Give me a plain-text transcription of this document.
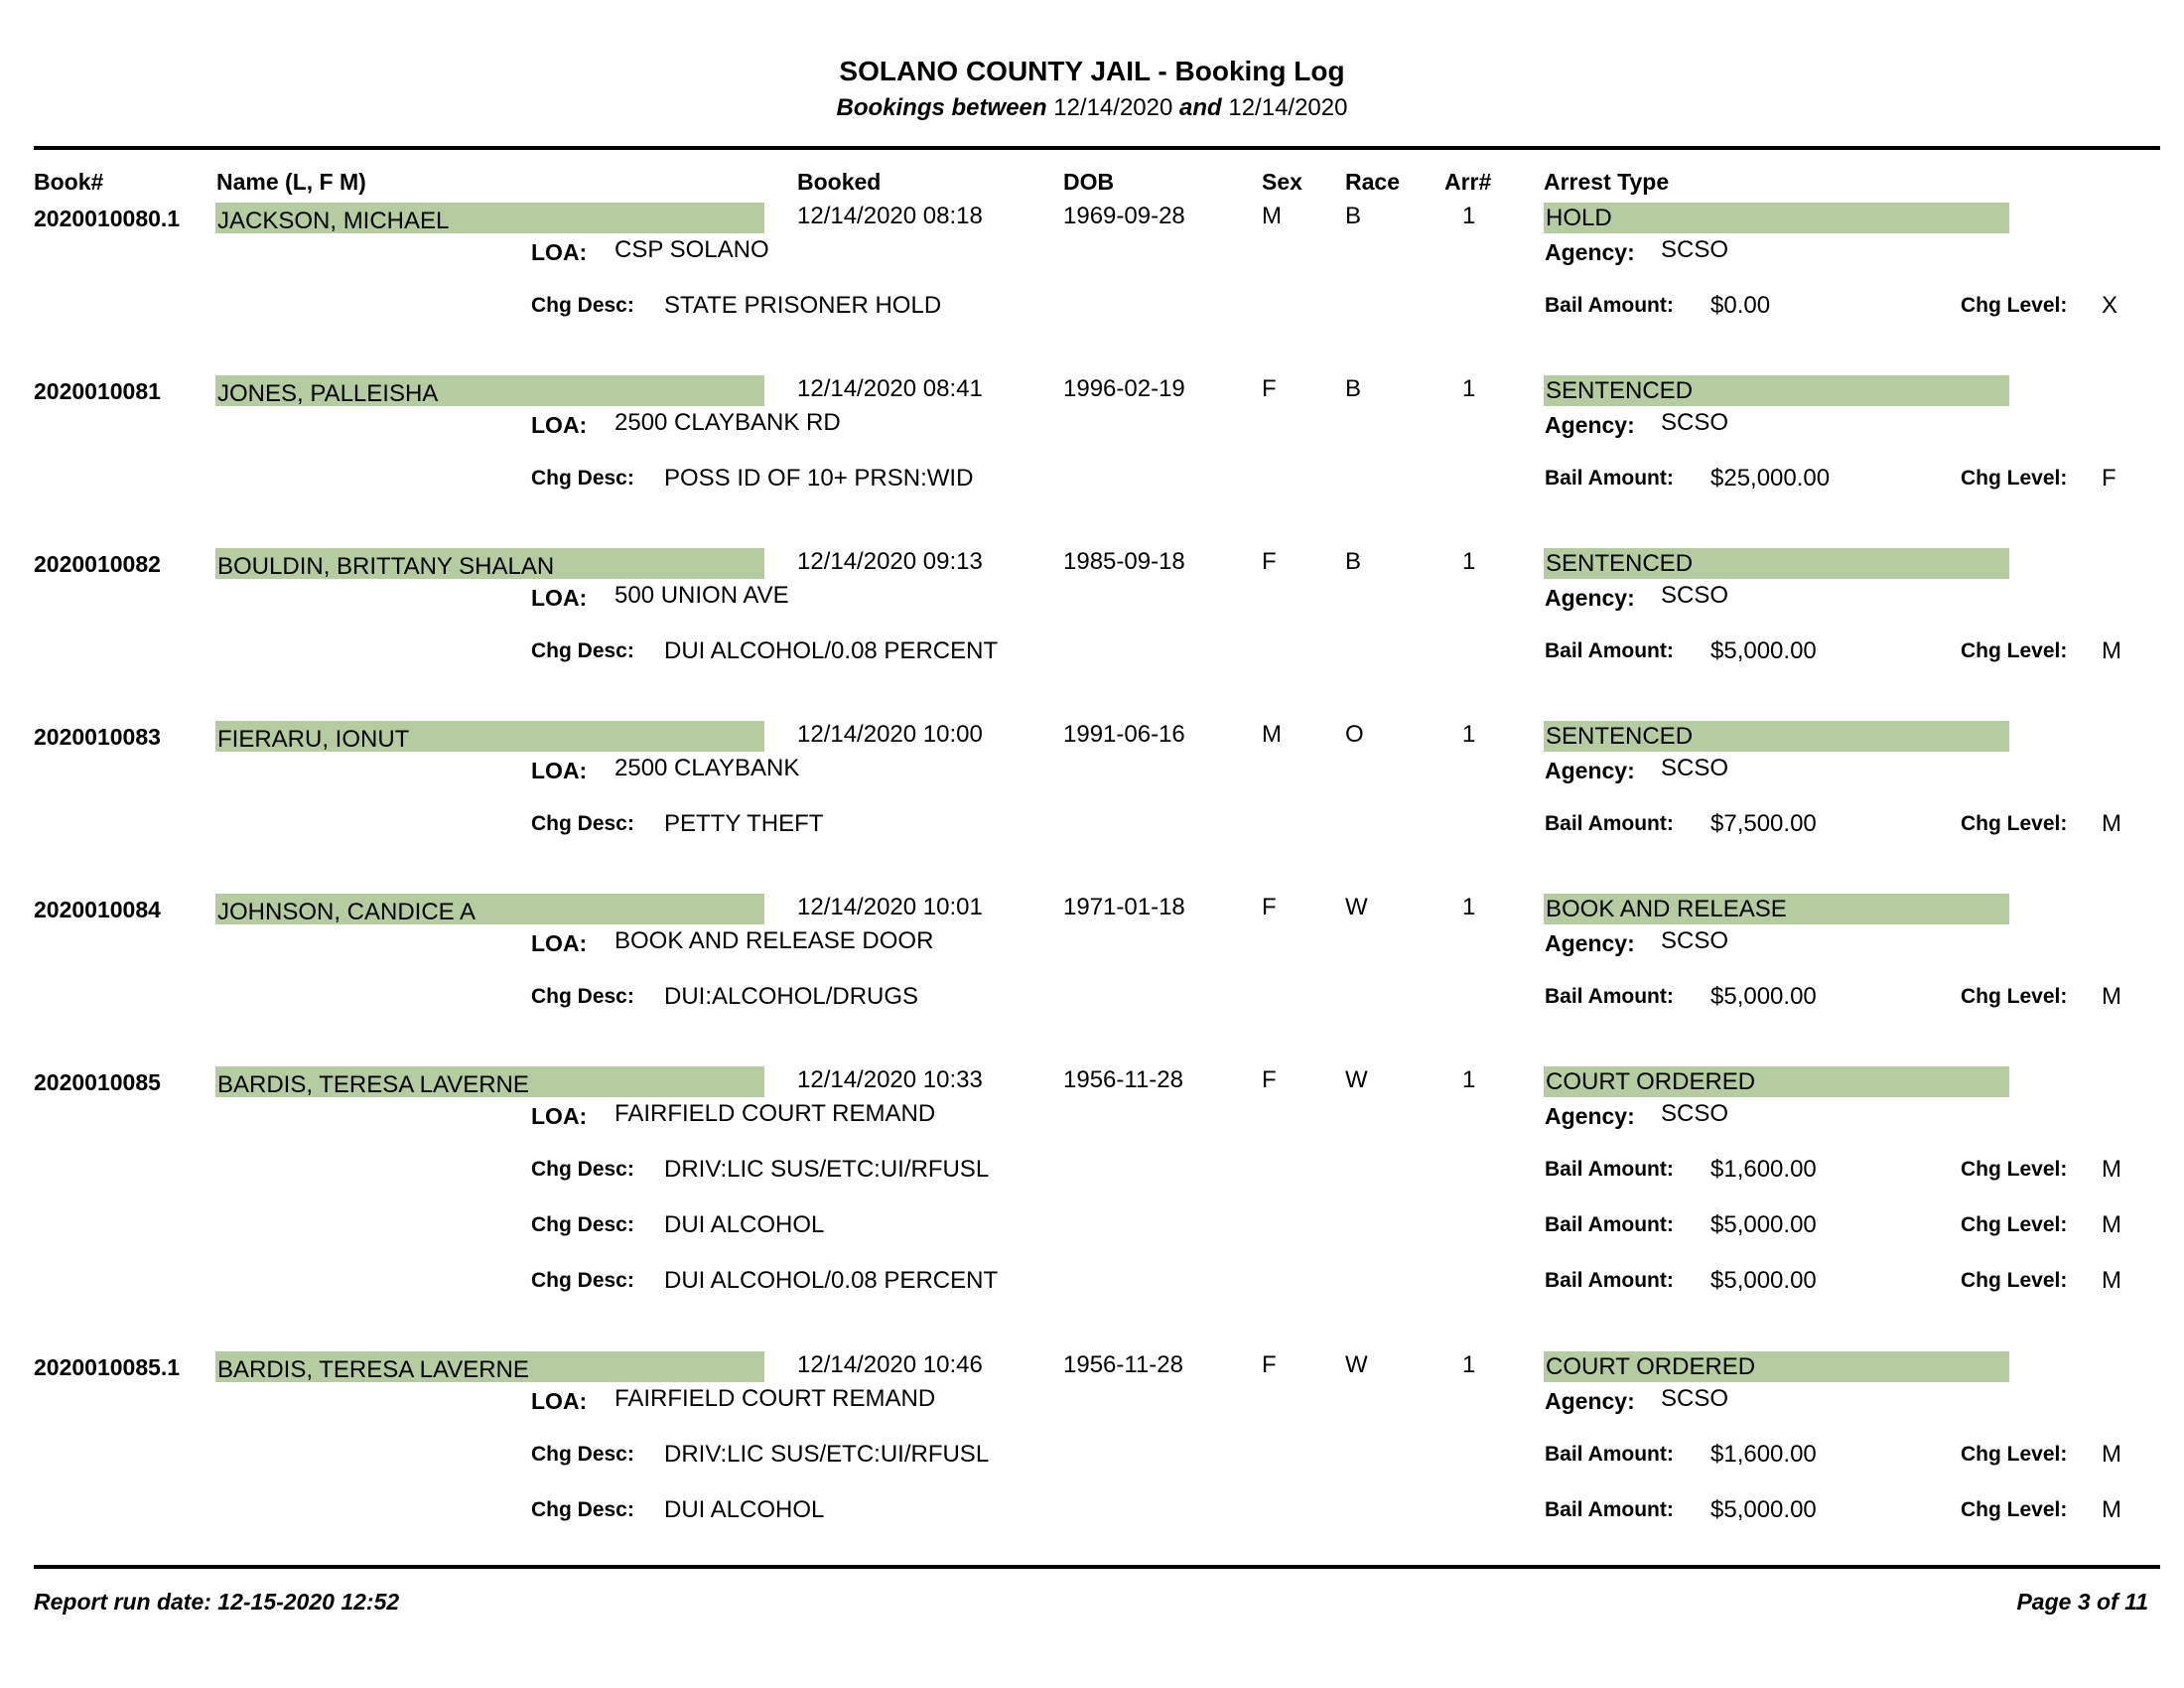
SOLANO COUNTY JAIL - Booking Log
Bookings between 12/14/2020 and 12/14/2020
Book#	Name (L, F M)	Booked	DOB	Sex Race Arr# Arrest Type
2020010080.1 JACKSON, MICHAEL	12/14/2020 08:18	1969-09-28	M	B	1	HOLD
LOA: CSP SOLANO	Agency: SCSO
Chg Desc: STATE PRISONER HOLD	Bail Amount: $0.00	Chg Level: X
2020010081 JONES, PALLEISHA	12/14/2020 08:41	1996-02-19	F	B	1	SENTENCED
LOA: 2500 CLAYBANK RD	Agency: SCSO
Chg Desc: POSS ID OF 10+ PRSN:WID	Bail Amount: $25,000.00	Chg Level: F
2020010082 BOULDIN, BRITTANY SHALAN	12/14/2020 09:13	1985-09-18	F	B	1	SENTENCED
LOA: 500 UNION AVE	Agency: SCSO
Chg Desc: DUI ALCOHOL/0.08 PERCENT	Bail Amount: $5,000.00	Chg Level: M
2020010083 FIERARU, IONUT	12/14/2020 10:00	1991-06-16	M	O	1	SENTENCED
LOA: 2500 CLAYBANK	Agency: SCSO
Chg Desc: PETTY THEFT	Bail Amount: $7,500.00	Chg Level: M
2020010084 JOHNSON, CANDICE A	12/14/2020 10:01	1971-01-18	F	W	1	BOOK AND RELEASE
LOA: BOOK AND RELEASE DOOR	Agency: SCSO
Chg Desc: DUI:ALCOHOL/DRUGS	Bail Amount: $5,000.00	Chg Level: M
2020010085 BARDIS, TERESA LAVERNE	12/14/2020 10:33	1956-11-28	F	W	1	COURT ORDERED
LOA: FAIRFIELD COURT REMAND	Agency: SCSO
Chg Desc: DRIV:LIC SUS/ETC:UI/RFUSL	Bail Amount: $1,600.00	Chg Level: M
Chg Desc: DUI ALCOHOL	Bail Amount: $5,000.00	Chg Level: M
Chg Desc: DUI ALCOHOL/0.08 PERCENT	Bail Amount: $5,000.00	Chg Level: M
2020010085.1 BARDIS, TERESA LAVERNE	12/14/2020 10:46	1956-11-28	F	W	1	COURT ORDERED
LOA: FAIRFIELD COURT REMAND	Agency: SCSO
Chg Desc: DRIV:LIC SUS/ETC:UI/RFUSL	Bail Amount: $1,600.00	Chg Level: M
Chg Desc: DUI ALCOHOL	Bail Amount: $5,000.00	Chg Level: M
Report run date: 12-15-2020 12:52	Page 3 of 11
